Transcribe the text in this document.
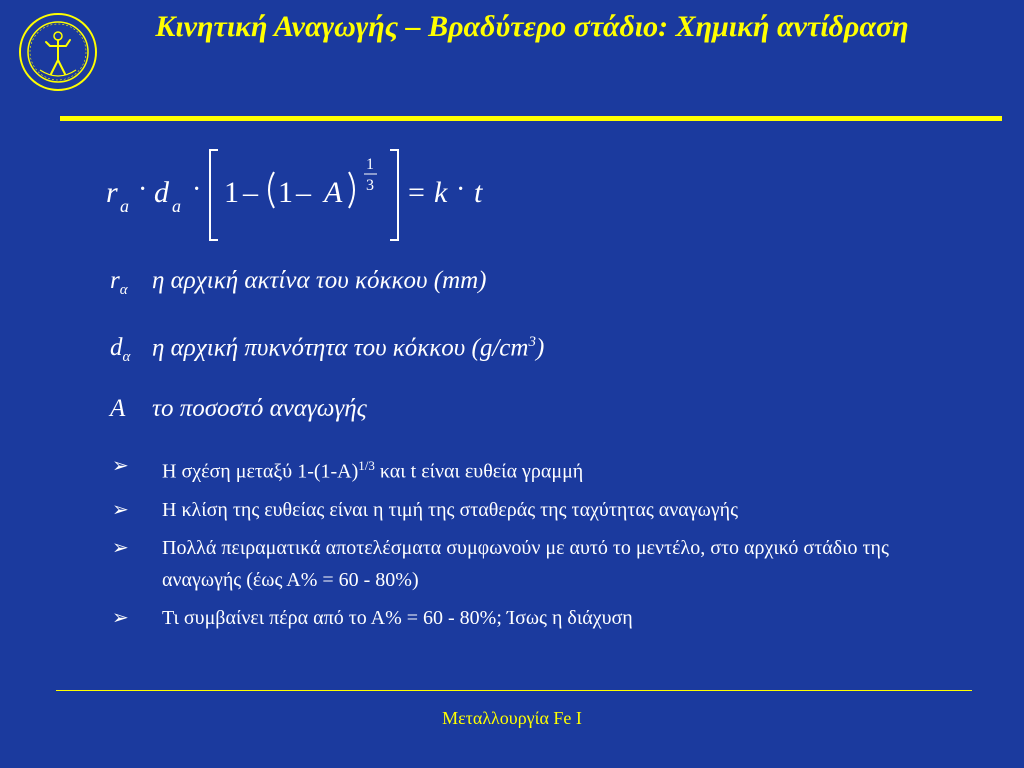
Κινητική Αναγωγής – Βραδύτερο στάδιο: Χημική αντίδραση
r a
· d a
· 1 – 1 – A
1
3 = k · t
$r_\alpha$ η αρχική ακτίνα του κόκκου (mm)
$d_\alpha$ η αρχική πυκνότητα του κόκκου $(g/cm^3)$
A	το ποσοστό αναγωγής
➢	Η σχέση μεταξύ $1-(1-A)^{1/3}$ και t είναι ευθεία γραμμή
➢	Η κλίση της ευθείας είναι η τιμή της σταθεράς της ταχύτητας αναγωγής
➢	Πολλά πειραματικά αποτελέσματα συμφωνούν με αυτό το μεντέλο, στο αρχικό στάδιο της αναγωγής (έως Α% = 60 - 80%)
➢	Τι συμβαίνει πέρα από το Α% = 60 - 80%; Ίσως η διάχυση
Μεταλλουργία Fe I
